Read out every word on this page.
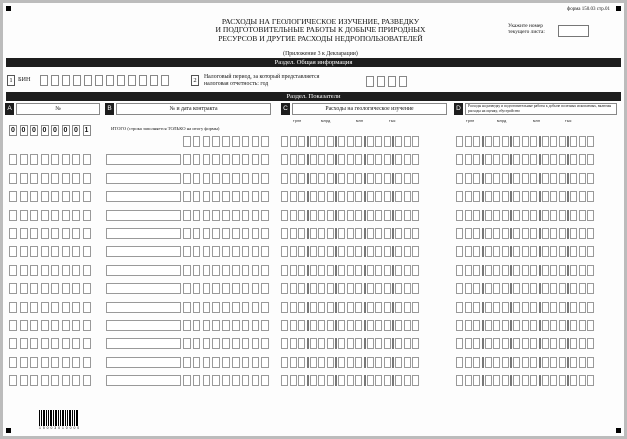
форма 150.03 стр.01
РАСХОДЫ НА ГЕОЛОГИЧЕСКОЕ ИЗУЧЕНИЕ, РАЗВЕДКУ
И ПОДГОТОВИТЕЛЬНЫЕ РАБОТЫ К ДОБЫЧЕ ПРИРОДНЫХ
РЕСУРСОВ И ДРУГИЕ РАСХОДЫ НЕДРОПОЛЬЗОВАТЕЛЕЙ
(Приложение 3 к Декларации)
Укажите номер
текущего листа:
Раздел. Общая информация
1 БИН	2	Налоговый период, за который представляется
налоговая отчетность: год
Раздел. Показатели
A	№	B	№ и дата контракта	C	Расходы на геологическое изучение	D	Расходы на разведку и подготовительные работы к добыче полезных ископаемых, включая расходы на оценку, обустройство
трлн	млрд	млн	тыс	трлн	млрд	млн	тыс
0 0 0 0 0 0 0 1	ИТОГО (строка заполняется ТОЛЬКО на итогу формы)
1 5 0 0 3 0 1 0 0 0 0
